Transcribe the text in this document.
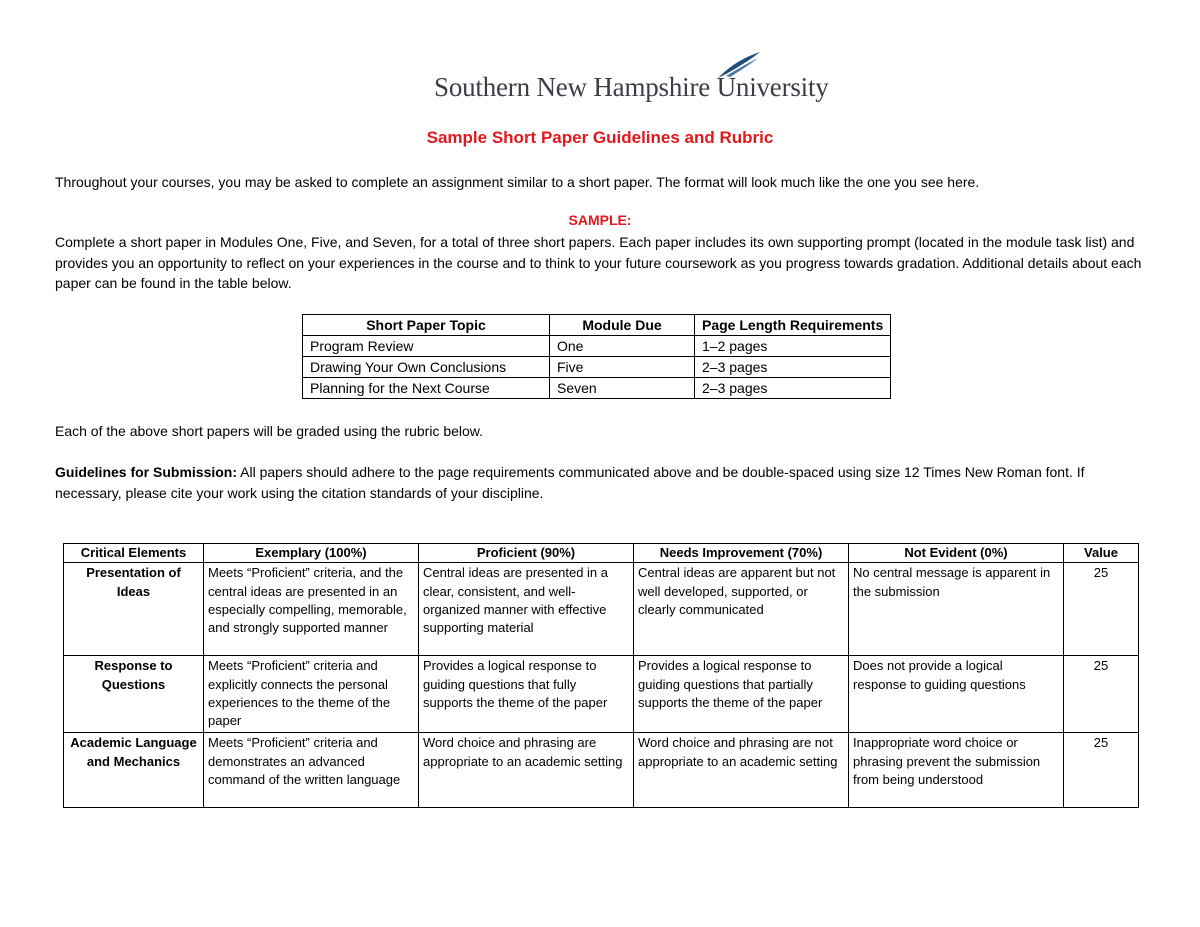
Southern New Hampshire University
Sample Short Paper Guidelines and Rubric
Throughout your courses, you may be asked to complete an assignment similar to a short paper. The format will look much like the one you see here.
SAMPLE:
Complete a short paper in Modules One, Five, and Seven, for a total of three short papers. Each paper includes its own supporting prompt (located in the module task list) and provides you an opportunity to reflect on your experiences in the course and to think to your future coursework as you progress towards gradation. Additional details about each paper can be found in the table below.
Short Paper Topic	Module Due	Page Length Requirements
Program Review	One	1–2 pages
Drawing Your Own Conclusions	Five	2–3 pages
Planning for the Next Course	Seven	2–3 pages
Each of the above short papers will be graded using the rubric below.
Guidelines for Submission: All papers should adhere to the page requirements communicated above and be double-spaced using size 12 Times New Roman font. If necessary, please cite your work using the citation standards of your discipline.
Critical Elements	Exemplary (100%)	Proficient (90%)	Needs Improvement (70%)	Not Evident (0%)	Value
Presentation of Ideas	Meets “Proficient” criteria, and the central ideas are presented in an especially compelling, memorable, and strongly supported manner	Central ideas are presented in a clear, consistent, and well-organized manner with effective supporting material	Central ideas are apparent but not well developed, supported, or clearly communicated	No central message is apparent in the submission	25
Response to Questions	Meets “Proficient” criteria and explicitly connects the personal experiences to the theme of the paper	Provides a logical response to guiding questions that fully supports the theme of the paper	Provides a logical response to guiding questions that partially supports the theme of the paper	Does not provide a logical response to guiding questions	25
Academic Language and Mechanics	Meets “Proficient” criteria and demonstrates an advanced command of the written language	Word choice and phrasing are appropriate to an academic setting	Word choice and phrasing are not appropriate to an academic setting	Inappropriate word choice or phrasing prevent the submission from being understood	25
